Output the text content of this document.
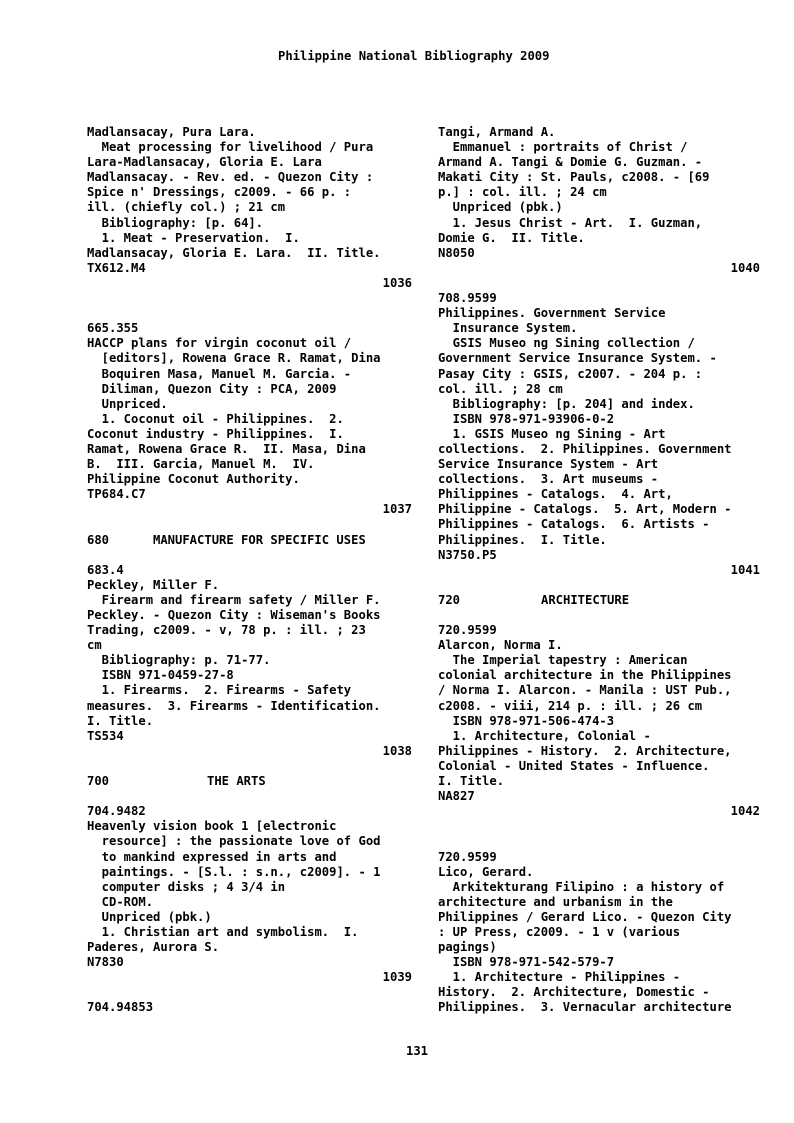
Philippine National Bibliography 2009
Madlansacay, Pura Lara.
Meat processing for livelihood / Pura
Lara-Madlansacay, Gloria E. Lara
Madlansacay. - Rev. ed. - Quezon City :
Spice n' Dressings, c2009. - 66 p. :
ill. (chiefly col.) ; 21 cm
Bibliography: [p. 64].
1. Meat - Preservation.  I.
Madlansacay, Gloria E. Lara.  II. Title.
TX612.M4
1036
665.355
HACCP plans for virgin coconut oil /
[editors], Rowena Grace R. Ramat, Dina
Boquiren Masa, Manuel M. Garcia. -
Diliman, Quezon City : PCA, 2009
Unpriced.
1. Coconut oil - Philippines.  2.
Coconut industry - Philippines.  I.
Ramat, Rowena Grace R.  II. Masa, Dina
B.  III. Garcia, Manuel M.  IV.
Philippine Coconut Authority.
TP684.C7
1037
680	MANUFACTURE FOR SPECIFIC USES
683.4
Peckley, Miller F.
Firearm and firearm safety / Miller F.
Peckley. - Quezon City : Wiseman's Books
Trading, c2009. - v, 78 p. : ill. ; 23
cm
Bibliography: p. 71-77.
ISBN 971-0459-27-8
1. Firearms.  2. Firearms - Safety
measures.  3. Firearms - Identification.
I. Title.
TS534
1038
700	THE ARTS
704.9482
Heavenly vision book 1 [electronic
resource] : the passionate love of God
to mankind expressed in arts and
paintings. - [S.l. : s.n., c2009]. - 1
computer disks ; 4 3/4 in
CD-ROM.
Unpriced (pbk.)
1. Christian art and symbolism.  I.
Paderes, Aurora S.
N7830
1039
704.94853
Tangi, Armand A.
Emmanuel : portraits of Christ /
Armand A. Tangi & Domie G. Guzman. -
Makati City : St. Pauls, c2008. - [69
p.] : col. ill. ; 24 cm
Unpriced (pbk.)
1. Jesus Christ - Art.  I. Guzman,
Domie G.  II. Title.
N8050
1040
708.9599
Philippines. Government Service
Insurance System.
GSIS Museo ng Sining collection /
Government Service Insurance System. -
Pasay City : GSIS, c2007. - 204 p. :
col. ill. ; 28 cm
Bibliography: [p. 204] and index.
ISBN 978-971-93906-0-2
1. GSIS Museo ng Sining - Art
collections.  2. Philippines. Government
Service Insurance System - Art
collections.  3. Art museums -
Philippines - Catalogs.  4. Art,
Philippine - Catalogs.  5. Art, Modern -
Philippines - Catalogs.  6. Artists -
Philippines.  I. Title.
N3750.P5
1041
720	ARCHITECTURE
720.9599
Alarcon, Norma I.
The Imperial tapestry : American
colonial architecture in the Philippines
/ Norma I. Alarcon. - Manila : UST Pub.,
c2008. - viii, 214 p. : ill. ; 26 cm
ISBN 978-971-506-474-3
1. Architecture, Colonial -
Philippines - History.  2. Architecture,
Colonial - United States - Influence.
I. Title.
NA827
1042
720.9599
Lico, Gerard.
Arkitekturang Filipino : a history of
architecture and urbanism in the
Philippines / Gerard Lico. - Quezon City
: UP Press, c2009. - 1 v (various
pagings)
ISBN 978-971-542-579-7
1. Architecture - Philippines -
History.  2. Architecture, Domestic -
Philippines.  3. Vernacular architecture
131
